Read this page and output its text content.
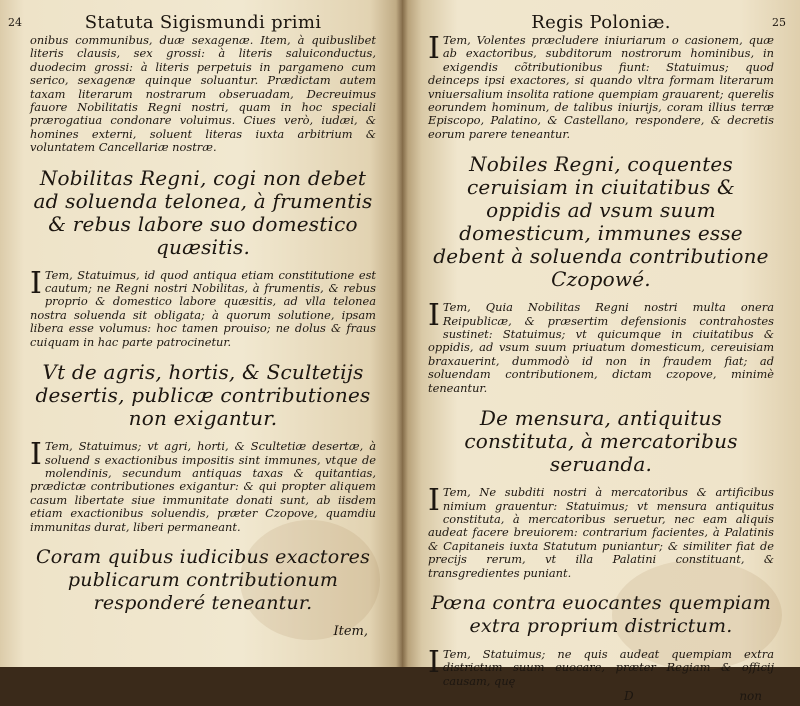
24	Statuta Sigismundi primi

onibus communibus, duæ sexagenæ. Item, à quibuslibet literis clausis, sex grossi: à literis saluiconductus, duodecim grossi: à literis perpetuis in pargameno cum serico, sexagenæ quinque soluantur. Prædictam autem taxam literarum nostrarum obseruadam, Decreuimus fauore Nobilitatis Regni nostri, quam in hoc speciali prærogatiua condonare voluimus. Ciues verò, iudæi, & homines externi, soluent literas iuxta arbitrium & voluntatem Cancellariæ nostræ.

Nobilitas Regni, cogi non debet ad soluenda telonea, à frumentis & rebus labore suo domestico quæsitis.

I Tem, Statuimus, id quod antiqua etiam constitutione est cautum; ne Regni nostri Nobilitas, à frumentis, & rebus proprio & domestico labore quæsitis, ad vlla telonea nostra soluenda sit obligata; à quorum solutione, ipsam libera esse volumus: hoc tamen prouiso; ne dolus & fraus cuiquam in hac parte patrocinetur.

Vt de agris, hortis, & Scultetijs desertis, publicæ contributiones non exigantur.

I Tem, Statuimus; vt agri, horti, & Scultetiæ desertæ, à soluend s exactionibus impositis sint immunes, vtque de molendinis, secundum antiquas taxas & quitantias, prædictæ contributiones exigantur: & qui propter aliquem casum libertate siue immunitate donati sunt, ab iisdem etiam exactionibus soluendis, præter Czopove, quamdiu immunitas durat, liberi permaneant.

Coram quibus iudicibus exactores publicarum contributionum responderé teneantur.
Item,
Regis Poloniæ.	25

I Tem, Volentes præcludere iniuriarum o casionem, quæ ab exactoribus, subditorum nostrorum hominibus, in exigendis cõtributionibus fiunt: Statuimus; quod deinceps ipsi exactores, si quando vltra formam literarum vniuersalium insolita ratione quempiam grauarent; querelis eorundem hominum, de talibus iniurijs, coram illius terræ Episcopo, Palatino, & Castellano, respondere, & decretis eorum parere teneantur.

Nobiles Regni, coquentes ceruisiam in ciuitatibus & oppidis ad vsum suum domesticum, immunes esse debent à soluenda contributione Czopowé.

I Tem, Quia Nobilitas Regni nostri multa onera Reipublicæ, & præsertim defensionis contrahostes sustinet: Statuimus; vt quicumque in ciuitatibus & oppidis, ad vsum suum priuatum domesticum, cereuisiam braxauerint, dummodò id non in fraudem fiat; ad soluendam contributionem, dictam czopove, minimè teneantur.

De mensura, antiquitus constituta, à mercatoribus seruanda.

I Tem, Ne subditi nostri à mercatoribus & artificibus nimium grauentur: Statuimus; vt mensura antiquitus constituta, à mercatoribus seruetur, nec eam aliquis audeat facere breuiorem: contrarium facientes, à Palatinis & Capitaneis iuxta Statutum puniantur; & similiter fiat de precijs rerum, vt illa Palatini constituant, & transgredientes puniant.

Pœna contra euocantes quempiam extra proprium districtum.

I Tem, Statuimus; ne quis audeat quempiam extra districtum suum euocare, præter Regiam & officij causam, quę

D	non
